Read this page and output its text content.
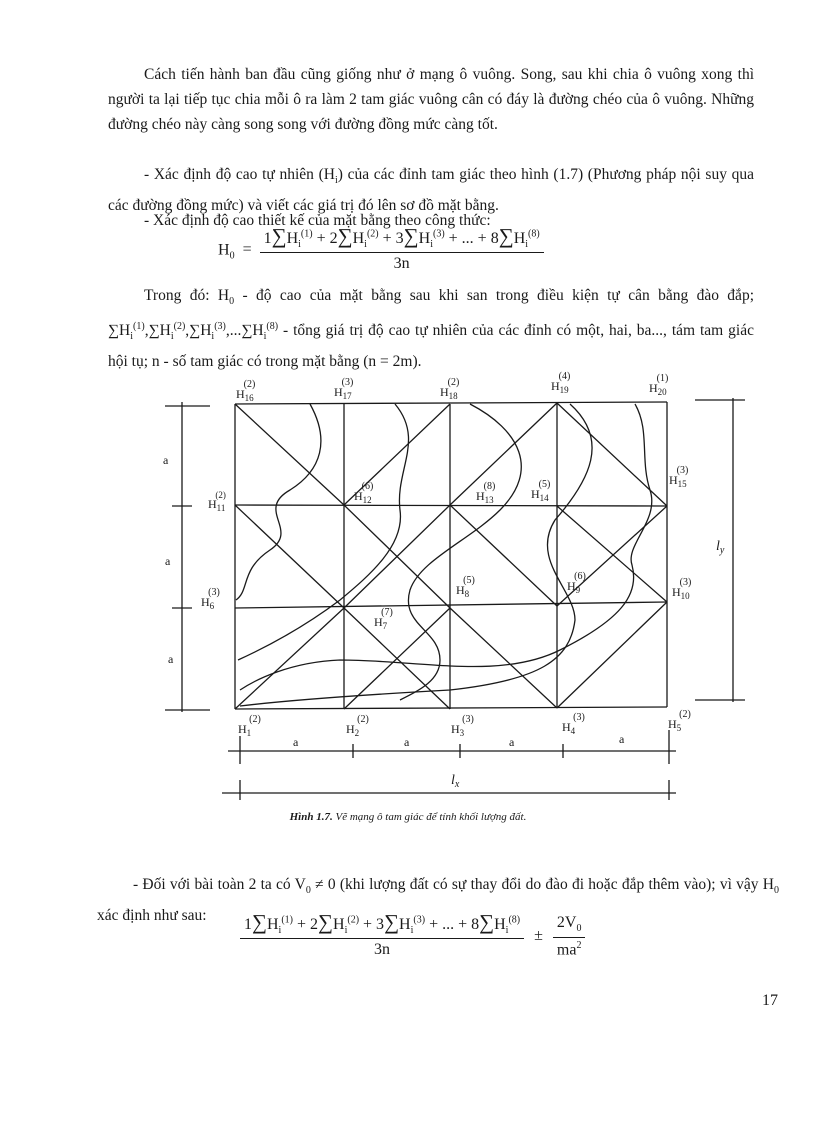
Cách tiến hành ban đầu cũng giống như ở mạng ô vuông. Song, sau khi chia ô vuông xong thì người ta lại tiếp tục chia mỗi ô ra làm 2 tam giác vuông cân có đáy là đường chéo của ô vuông. Những đường chéo này càng song song với đường đồng mức càng tốt.

- Xác định độ cao tự nhiên $(H_i)$ của các đỉnh tam giác theo hình (1.7) (Phương pháp nội suy qua các đường đồng mức) và viết các giá trị đó lên sơ đồ mặt bằng.

- Xác định độ cao thiết kế của mặt bằng theo công thức:

$H_0 = \frac{1\sum H_i^{(1)} + 2\sum H_i^{(2)} + 3\sum H_i^{(3)} + ... + 8\sum H_i^{(8)}}{3n}$

Trong đó: $H_0$ - độ cao của mặt bằng sau khi san trong điều kiện tự cân bằng đào đắp; $\sum H_i^{(1)},\sum H_i^{(2)},\sum H_i^{(3)},...\sum H_i^{(8)}$ - tổng giá trị độ cao tự nhiên của các đỉnh có một, hai, ba..., tám tam giác hội tụ; n - số tam giác có trong mặt bằng (n = 2m).

$H_{16}(2)$
$H_{17}(3)$
$H_{18}(2)$	$H_{19}(4)$
$H_{20}(1)$
$H_{11}(2)$	$H_{12}(6)$
$H_{13}(8)$
$H_{14}(5)$	$H_{15}(3)$
$H_6(3)$
$H_7(7)$
$H_8(5)$	$H_9(6)$
$H_{10}(3)$
$H_1(2)$
$H_2(2)$
$H_3(3)$
$H_4(3)$	$H_5(2)$
a
a
a
a	a	a	a
$l_y$
$l_x$
Hình 1.7. Vẽ mạng ô tam giác để tính khối lượng đất.

- Đối với bài toàn 2 ta có $V_0 \ne 0$ (khi lượng đất có sự thay đổi do đào đi hoặc đắp thêm vào); vì vậy $H_0$ xác định như sau:	$\frac{1\sum H_i^{(1)} + 2\sum H_i^{(2)} + 3\sum H_i^{(3)} + ... + 8\sum H_i^{(8)}}{3n} \pm \frac{2V_0}{ma^2}$
17
